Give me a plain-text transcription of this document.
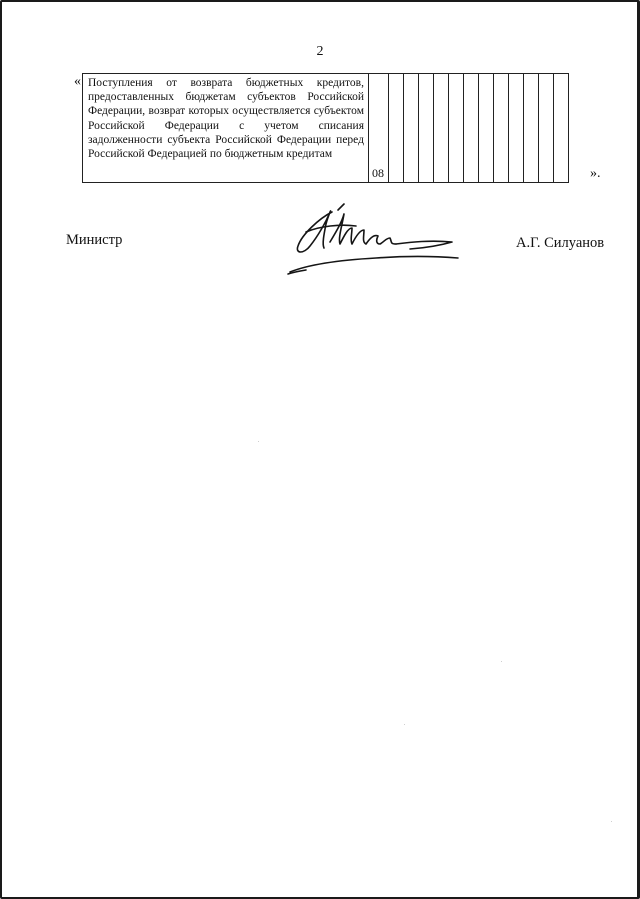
2
« Поступления от возврата бюджетных кредитов, предоставленных бюджетам субъектов Российской Федерации, возврат которых осуществляется субъектом Российской Федерации с учетом списания задолженности субъекта Российской Федерации перед Российской Федерацией по бюджетным кредитам	08													».
Министр	А.Г. Силуанов
